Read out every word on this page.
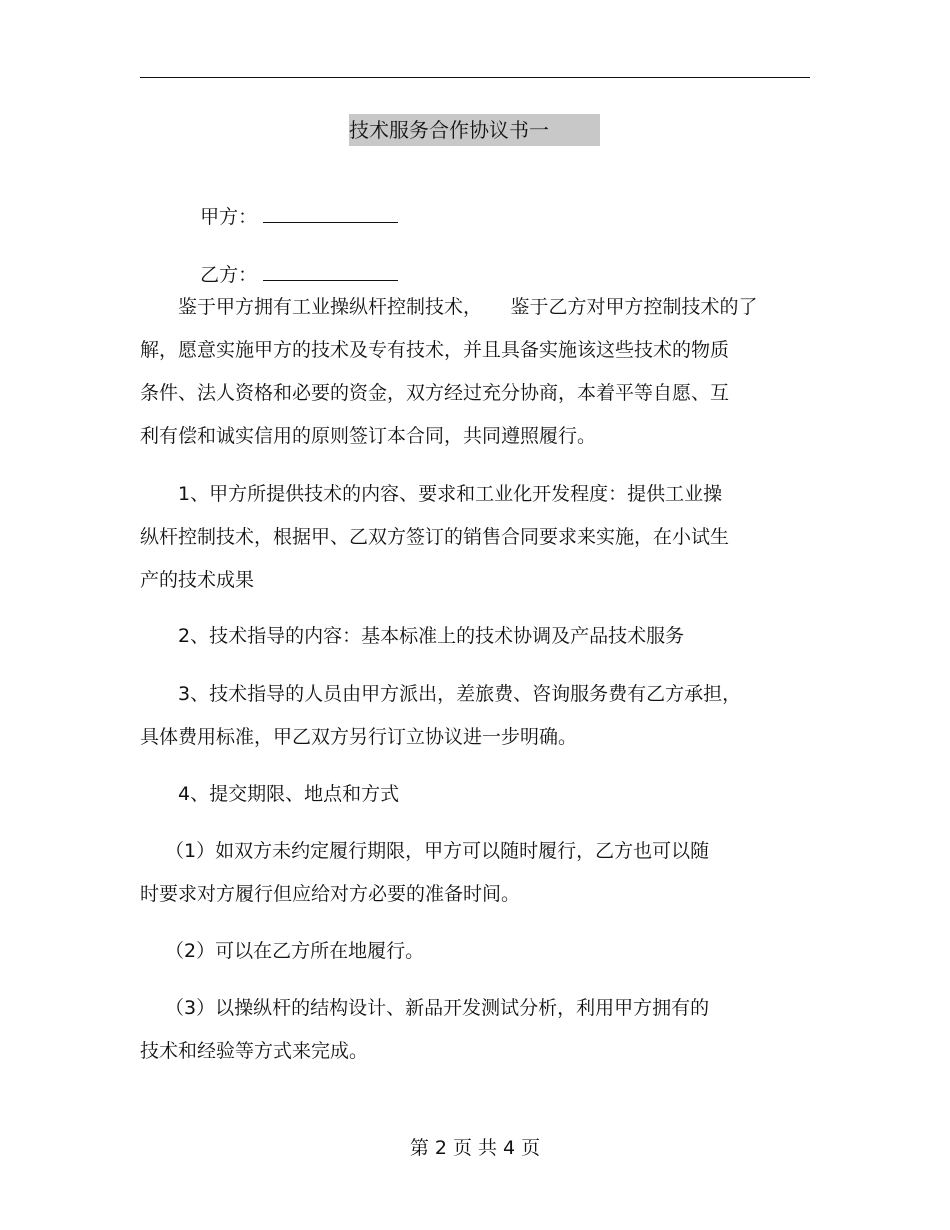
技术服务合作协议书一

甲方：

乙方：

　　鉴于甲方拥有工业操纵杆控制技术，　　鉴于乙方对甲方控制技术的了
解，愿意实施甲方的技术及专有技术，并且具备实施该这些技术的物质
条件、法人资格和必要的资金，双方经过充分协商，本着平等自愿、互
利有偿和诚实信用的原则签订本合同，共同遵照履行。
　　1、甲方所提供技术的内容、要求和工业化开发程度：提供工业操
纵杆控制技术，根据甲、乙双方签订的销售合同要求来实施，在小试生
产的技术成果
　　2、技术指导的内容：基本标准上的技术协调及产品技术服务
　　3、技术指导的人员由甲方派出，差旅费、咨询服务费有乙方承担，
具体费用标准，甲乙双方另行订立协议进一步明确。
　　4、提交期限、地点和方式
　 （1）如双方未约定履行期限，甲方可以随时履行，乙方也可以随
时要求对方履行但应给对方必要的准备时间。
　 （2）可以在乙方所在地履行。
　 （3）以操纵杆的结构设计、新品开发测试分析，利用甲方拥有的
技术和经验等方式来完成。
第 2 页 共 4 页
